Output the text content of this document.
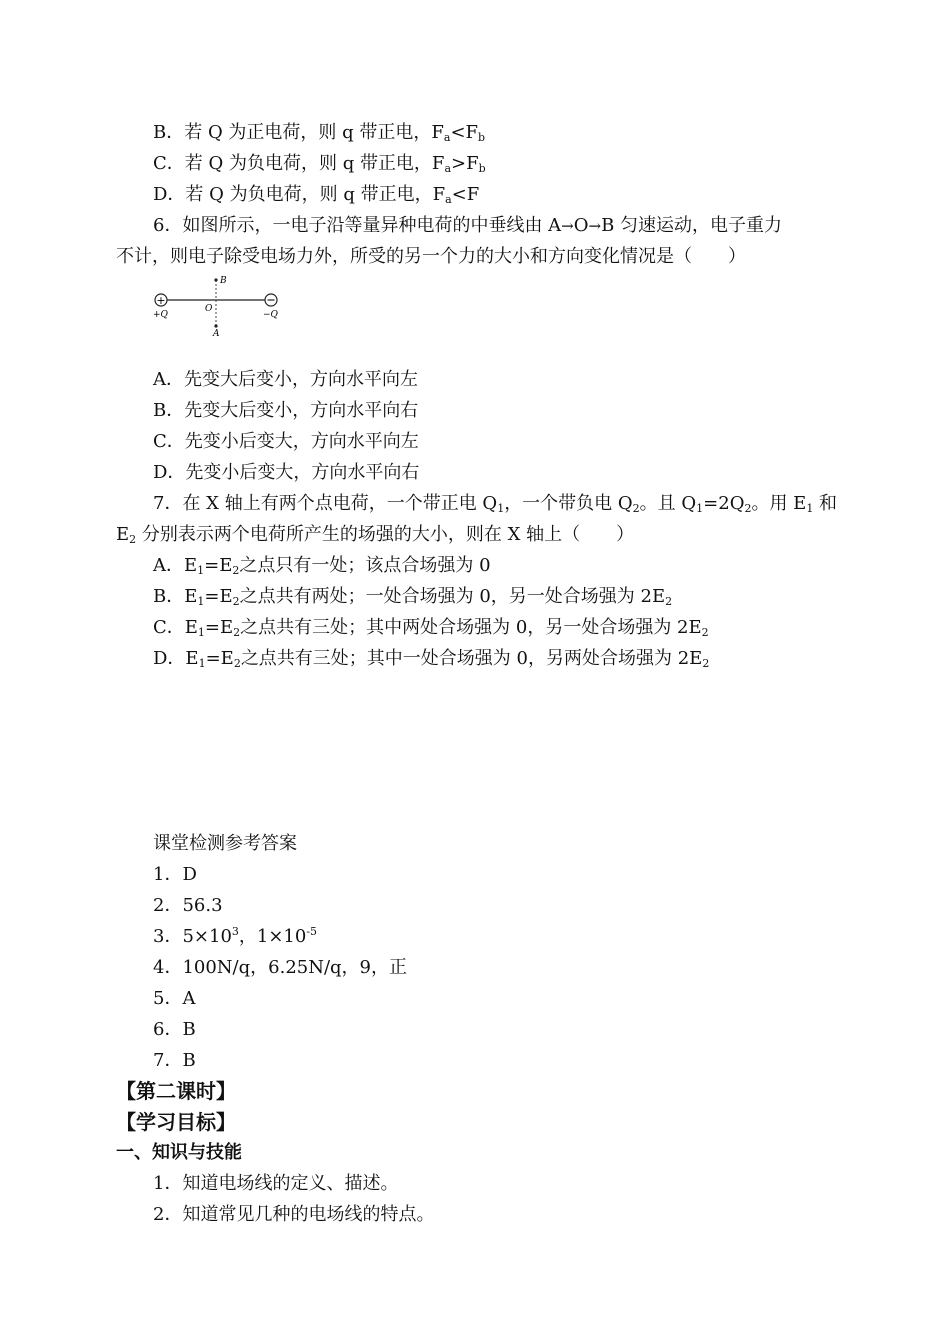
B．若 Q 为正电荷，则 q 带正电，$F_a<F_b$
C．若 Q 为负电荷，则 q 带正电，$F_a>F_b$
D．若 Q 为负电荷，则 q 带正电，$F_a<F$
6．如图所示，一电子沿等量异种电荷的中垂线由 A→O→B 匀速运动，电子重力
不计，则电子除受电场力外，所受的另一个力的大小和方向变化情况是（　　）
+
B
O
A
+Q	−Q
A．先变大后变小，方向水平向左
B．先变大后变小，方向水平向右
C．先变小后变大，方向水平向左
D．先变小后变大，方向水平向右
7．在 X 轴上有两个点电荷，一个带正电 $Q_1$，一个带负电 $Q_2$。且 $Q_1=2Q_2$。用 $E_1$ 和
$E_2$ 分别表示两个电荷所产生的场强的大小，则在 X 轴上（　　）
A．$E_1=E_2$之点只有一处；该点合场强为 0
B．$E_1=E_2$之点共有两处；一处合场强为 0，另一处合场强为 $2E_2$
C．$E_1=E_2$之点共有三处；其中两处合场强为 0，另一处合场强为 $2E_2$
D．$E_1=E_2$之点共有三处；其中一处合场强为 0，另两处合场强为 $2E_2$
课堂检测参考答案
1．D
2．56.3
3．$5\times 10^3$，$1\times 10^{-5}$
4．100N/q，6.25N/q，9，正
5．A
6．B
7．B
【第二课时】
【学习目标】
一、知识与技能
1．知道电场线的定义、描述。
2．知道常见几种的电场线的特点。
